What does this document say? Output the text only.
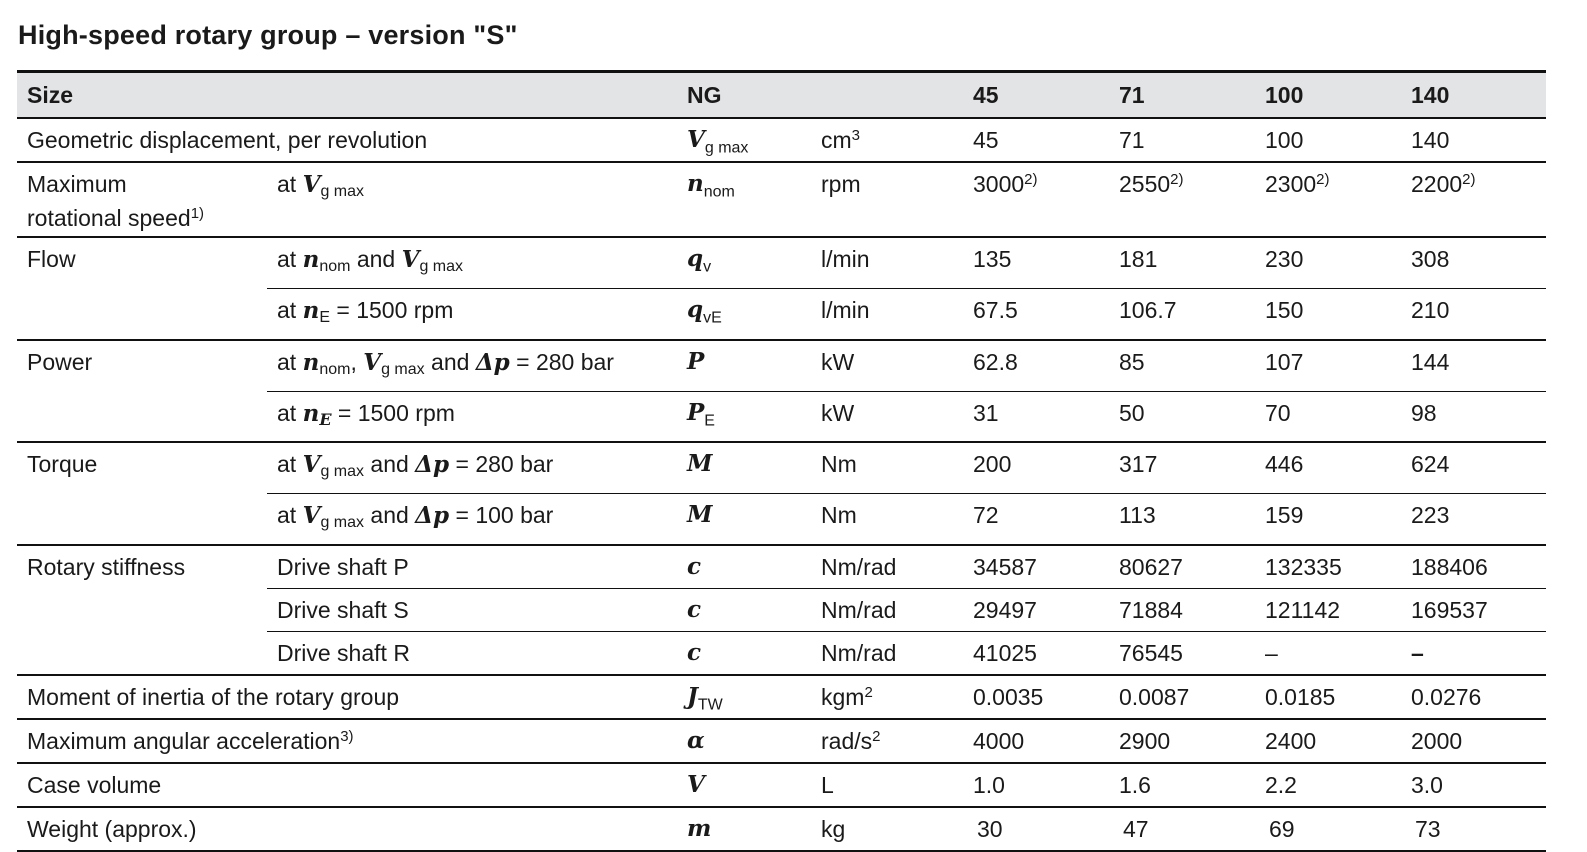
High-speed rotary group – version "S"
Size		NG		45	71	100	140
Geometric displacement, per revolution		$V_{g max}$	$cm^3$	45	71	100	140
Maximum
rotational speed$^{1)}$	at Vg max	$n_{nom}$	rpm	3000$^{2)}$	2550$^{2)}$	2300$^{2)}$	2200$^{2)}$
Flow	at nnom and Vg max	$q_v$	l/min	135	181	230	308
	at nE = 1500 rpm	$q_{vE}$	l/min	67.5	106.7	150	210
Power	at nnom, Vg max and Δp = 280 bar	P	kW	62.8	85	107	144
	at nE = 1500 rpm	$P_E$	kW	31	50	70	98
Torque	at Vg max and Δp = 280 bar	M	Nm	200	317	446	624
	at Vg max and Δp = 100 bar	M	Nm	72	113	159	223
Rotary stiffness	Drive shaft P	c	Nm/rad	34587	80627	132335	188406
	Drive shaft S	c	Nm/rad	29497	71884	121142	169537
	Drive shaft R	c	Nm/rad	41025	76545	–	–
Moment of inertia of the rotary group		$J_{TW}$	kgm$^2$	0.0035	0.0087	0.0185	0.0276
Maximum angular acceleration$^{3)}$		α	rad/$s^2$	4000	2900	2400	2000
Case volume		V	L	1.0	1.6	2.2	3.0
Weight (approx.)		m	kg	30	47	69	73
